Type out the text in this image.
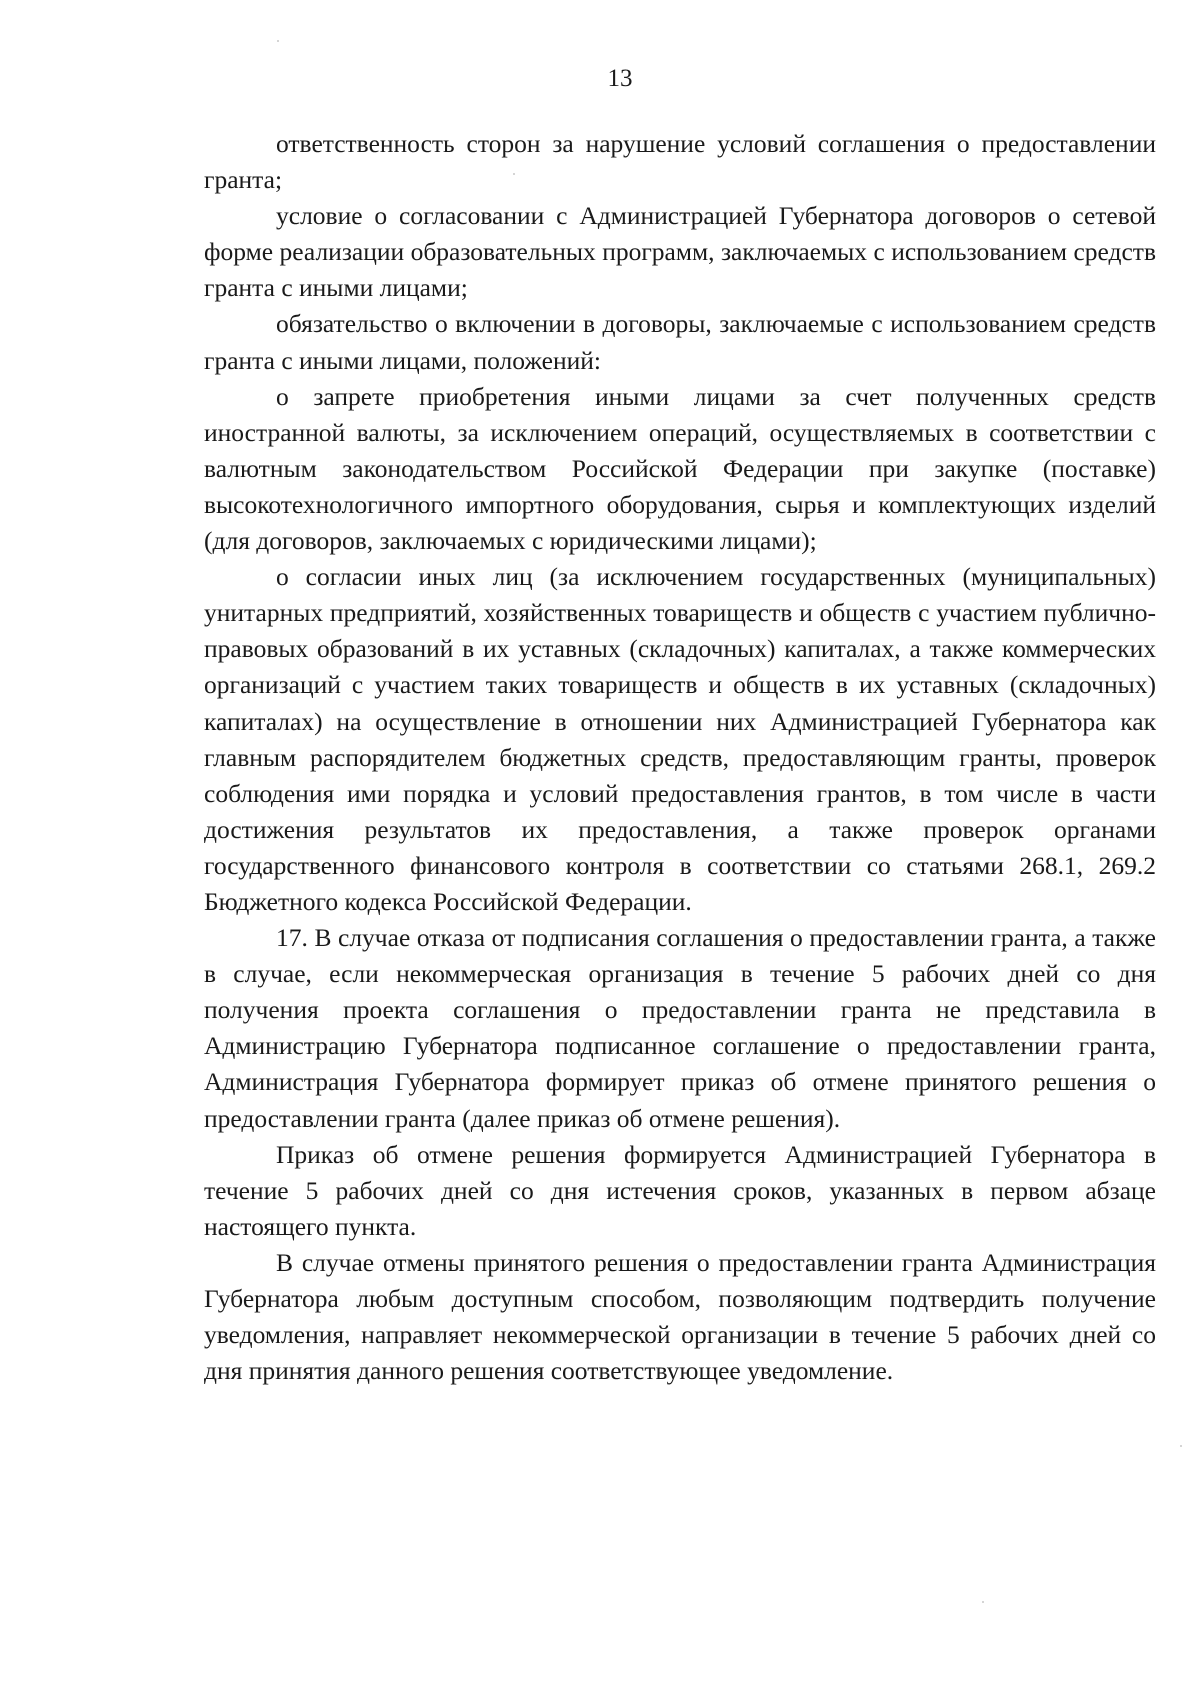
13

ответственность сторон за нарушение условий соглашения о предоставлении гранта;

условие о согласовании с Администрацией Губернатора договоров о сетевой форме реализации образовательных программ, заключаемых с использованием средств гранта с иными лицами;

обязательство о включении в договоры, заключаемые с использованием средств гранта с иными лицами, положений:

о запрете приобретения иными лицами за счет полученных средств иностранной валюты, за исключением операций, осуществляемых в соответствии с валютным законодательством Российской Федерации при закупке (поставке) высокотехнологичного импортного оборудования, сырья и комплектующих изделий (для договоров, заключаемых с юридическими лицами);

о согласии иных лиц (за исключением государственных (муниципальных) унитарных предприятий, хозяйственных товариществ и обществ с участием публично-правовых образований в их уставных (складочных) капиталах, а также коммерческих организаций с участием таких товариществ и обществ в их уставных (складочных) капиталах) на осуществление в отношении них Администрацией Губернатора как главным распорядителем бюджетных средств, предоставляющим гранты, проверок соблюдения ими порядка и условий предоставления грантов, в том числе в части достижения результатов их предоставления, а также проверок органами государственного финансового контроля в соответствии со статьями 268.1, 269.2 Бюджетного кодекса Российской Федерации.

17. В случае отказа от подписания соглашения о предоставлении гранта, а также в случае, если некоммерческая организация в течение 5 рабочих дней со дня получения проекта соглашения о предоставлении гранта не представила в Администрацию Губернатора подписанное соглашение о предоставлении гранта, Администрация Губернатора формирует приказ об отмене принятого решения о предоставлении гранта (далее приказ об отмене решения).

Приказ об отмене решения формируется Администрацией Губернатора в течение 5 рабочих дней со дня истечения сроков, указанных в первом абзаце настоящего пункта.

В случае отмены принятого решения о предоставлении гранта Администрация Губернатора любым доступным способом, позволяющим подтвердить получение уведомления, направляет некоммерческой организации в течение 5 рабочих дней со дня принятия данного решения соответствующее уведомление.
